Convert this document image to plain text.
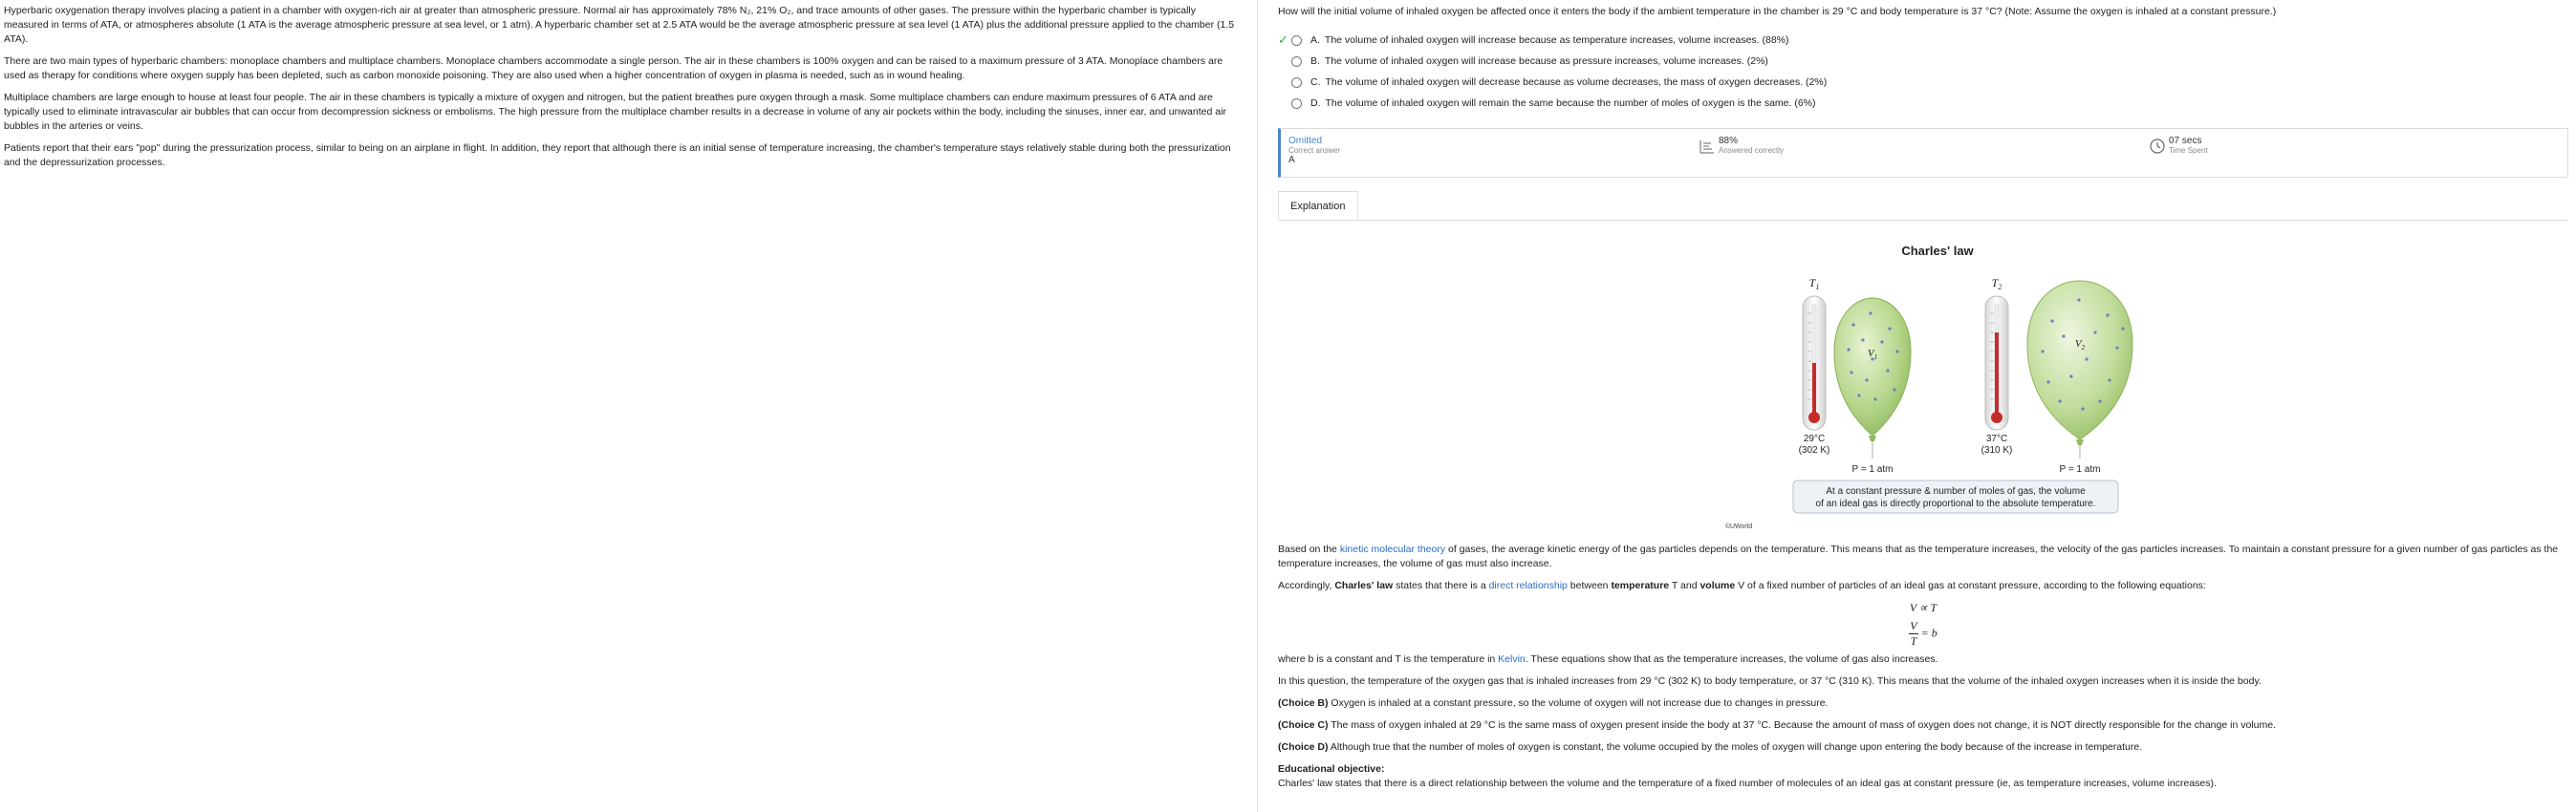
Hyperbaric oxygenation therapy involves placing a patient in a chamber with oxygen-rich air at greater than atmospheric pressure. Normal air has approximately 78% N₂, 21% O₂, and trace amounts of other gases. The pressure within the hyperbaric chamber is typically measured in terms of ATA, or atmospheres absolute (1 ATA is the average atmospheric pressure at sea level, or 1 atm). A hyperbaric chamber set at 2.5 ATA would be the average atmospheric pressure at sea level (1 ATA) plus the additional pressure applied to the chamber (1.5 ATA).

There are two main types of hyperbaric chambers: monoplace chambers and multiplace chambers. Monoplace chambers accommodate a single person. The air in these chambers is 100% oxygen and can be raised to a maximum pressure of 3 ATA. Monoplace chambers are used as therapy for conditions where oxygen supply has been depleted, such as carbon monoxide poisoning. They are also used when a higher concentration of oxygen in plasma is needed, such as in wound healing.

Multiplace chambers are large enough to house at least four people. The air in these chambers is typically a mixture of oxygen and nitrogen, but the patient breathes pure oxygen through a mask. Some multiplace chambers can endure maximum pressures of 6 ATA and are typically used to eliminate intravascular air bubbles that can occur from decompression sickness or embolisms. The high pressure from the multiplace chamber results in a decrease in volume of any air pockets within the body, including the sinuses, inner ear, and unwanted air bubbles in the arteries or veins.

Patients report that their ears "pop" during the pressurization process, similar to being on an airplane in flight. In addition, they report that although there is an initial sense of temperature increasing, the chamber's temperature stays relatively stable during both the pressurization and the depressurization processes.

How will the initial volume of inhaled oxygen be affected once it enters the body if the ambient temperature in the chamber is 29 °C and body temperature is 37 °C? (Note: Assume the oxygen is inhaled at a constant pressure.)
✓ A. The volume of inhaled oxygen will increase because as temperature increases, volume increases. (88%)
B. The volume of inhaled oxygen will increase because as pressure increases, volume increases. (2%)
C. The volume of inhaled oxygen will decrease because as volume decreases, the mass of oxygen decreases. (2%)
D. The volume of inhaled oxygen will remain the same because the number of moles of oxygen is the same. (6%)
Omitted
Correct answer
A
88%
Answered correctly
07 secs
Time Spent
Explanation
Charles' law
$T_1$
29°C
(302 K)
$V_1$
P = 1 atm
$T_2$
37°C
(310 K)
$V_2$
P = 1 atm
At a constant pressure & number of moles of gas, the volume
of an ideal gas is directly proportional to the absolute temperature.
©UWorld

Based on the kinetic molecular theory of gases, the average kinetic energy of the gas particles depends on the temperature. This means that as the temperature increases, the velocity of the gas particles increases. To maintain a constant pressure for a given number of gas particles as the temperature increases, the volume of gas must also increase.

Accordingly, Charles' law states that there is a direct relationship between temperature T and volume V of a fixed number of particles of an ideal gas at constant pressure, according to the following equations:

V ∝ T
$\frac{V}{T} = b$

where b is a constant and T is the temperature in Kelvin. These equations show that as the temperature increases, the volume of gas also increases.

In this question, the temperature of the oxygen gas that is inhaled increases from 29 °C (302 K) to body temperature, or 37 °C (310 K). This means that the volume of the inhaled oxygen increases when it is inside the body.

(Choice B) Oxygen is inhaled at a constant pressure, so the volume of oxygen will not increase due to changes in pressure.

(Choice C) The mass of oxygen inhaled at 29 °C is the same mass of oxygen present inside the body at 37 °C. Because the amount of mass of oxygen does not change, it is NOT directly responsible for the change in volume.

(Choice D) Although true that the number of moles of oxygen is constant, the volume occupied by the moles of oxygen will change upon entering the body because of the increase in temperature.

Educational objective:

Charles' law states that there is a direct relationship between the volume and the temperature of a fixed number of molecules of an ideal gas at constant pressure (ie, as temperature increases, volume increases).
